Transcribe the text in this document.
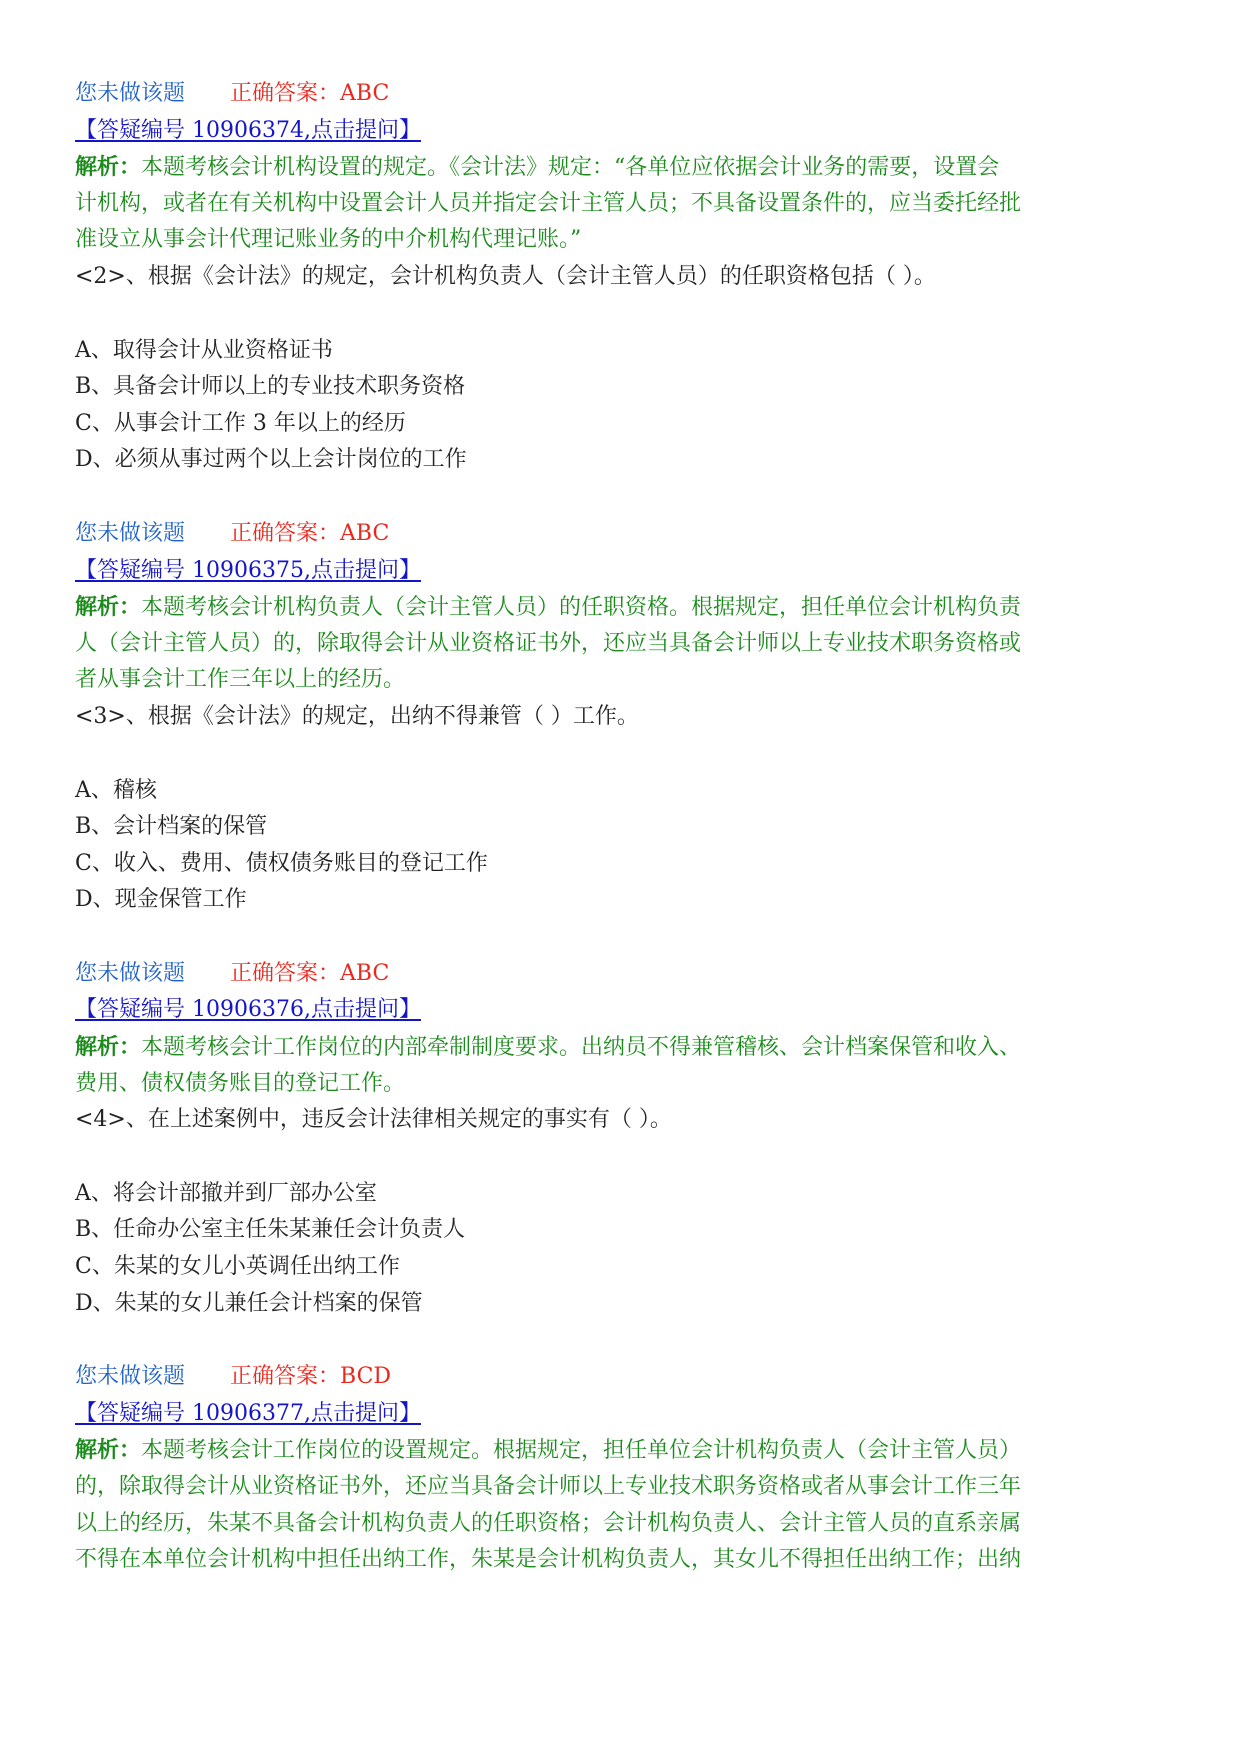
您未做该题 正确答案：ABC
【答疑编号 10906374,点击提问】
解析：本题考核会计机构设置的规定。《会计法》规定：“各单位应依据会计业务的需要，设置会
计机构，或者在有关机构中设置会计人员并指定会计主管人员；不具备设置条件的，应当委托经批
准设立从事会计代理记账业务的中介机构代理记账。”
<2>、根据《会计法》的规定，会计机构负责人（会计主管人员）的任职资格包括（ ）。
A、取得会计从业资格证书
B、具备会计师以上的专业技术职务资格
C、从事会计工作 3 年以上的经历
D、必须从事过两个以上会计岗位的工作
您未做该题 正确答案：ABC
【答疑编号 10906375,点击提问】
解析：本题考核会计机构负责人（会计主管人员）的任职资格。根据规定，担任单位会计机构负责
人（会计主管人员）的，除取得会计从业资格证书外，还应当具备会计师以上专业技术职务资格或
者从事会计工作三年以上的经历。
<3>、根据《会计法》的规定，出纳不得兼管（ ）工作。
A、稽核
B、会计档案的保管
C、收入、费用、债权债务账目的登记工作
D、现金保管工作
您未做该题 正确答案：ABC
【答疑编号 10906376,点击提问】
解析：本题考核会计工作岗位的内部牵制制度要求。出纳员不得兼管稽核、会计档案保管和收入、
费用、债权债务账目的登记工作。
<4>、在上述案例中，违反会计法律相关规定的事实有（ ）。
A、将会计部撤并到厂部办公室
B、任命办公室主任朱某兼任会计负责人
C、朱某的女儿小英调任出纳工作
D、朱某的女儿兼任会计档案的保管
您未做该题 正确答案：BCD
【答疑编号 10906377,点击提问】
解析：本题考核会计工作岗位的设置规定。根据规定，担任单位会计机构负责人（会计主管人员）
的，除取得会计从业资格证书外，还应当具备会计师以上专业技术职务资格或者从事会计工作三年
以上的经历，朱某不具备会计机构负责人的任职资格；会计机构负责人、会计主管人员的直系亲属
不得在本单位会计机构中担任出纳工作，朱某是会计机构负责人，其女儿不得担任出纳工作；出纳
